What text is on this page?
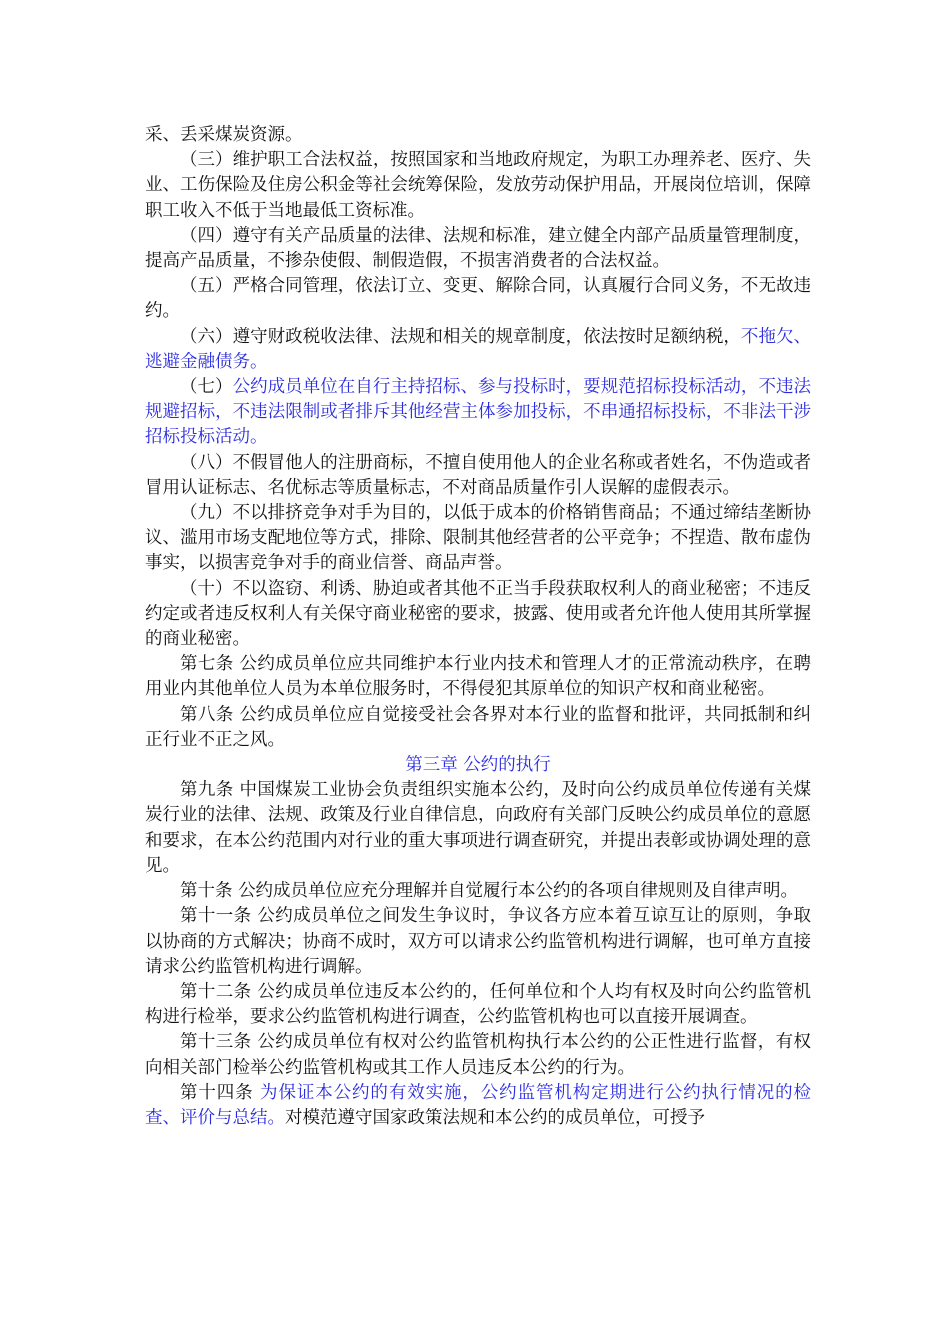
采、丢采煤炭资源。

（三）维护职工合法权益，按照国家和当地政府规定，为职工办理养老、医疗、失业、工伤保险及住房公积金等社会统筹保险，发放劳动保护用品，开展岗位培训，保障职工收入不低于当地最低工资标准。

（四）遵守有关产品质量的法律、法规和标准，建立健全内部产品质量管理制度，提高产品质量，不掺杂使假、制假造假，不损害消费者的合法权益。

（五）严格合同管理，依法订立、变更、解除合同，认真履行合同义务，不无故违约。

（六）遵守财政税收法律、法规和相关的规章制度，依法按时足额纳税，不拖欠、逃避金融债务。

（七）公约成员单位在自行主持招标、参与投标时，要规范招标投标活动，不违法规避招标，不违法限制或者排斥其他经营主体参加投标，不串通招标投标，不非法干涉招标投标活动。

（八）不假冒他人的注册商标，不擅自使用他人的企业名称或者姓名，不伪造或者冒用认证标志、名优标志等质量标志，不对商品质量作引人误解的虚假表示。

（九）不以排挤竞争对手为目的，以低于成本的价格销售商品；不通过缔结垄断协议、滥用市场支配地位等方式，排除、限制其他经营者的公平竞争；不捏造、散布虚伪事实，以损害竞争对手的商业信誉、商品声誉。

（十）不以盗窃、利诱、胁迫或者其他不正当手段获取权利人的商业秘密；不违反约定或者违反权利人有关保守商业秘密的要求，披露、使用或者允许他人使用其所掌握的商业秘密。

第七条 公约成员单位应共同维护本行业内技术和管理人才的正常流动秩序，在聘用业内其他单位人员为本单位服务时，不得侵犯其原单位的知识产权和商业秘密。

第八条 公约成员单位应自觉接受社会各界对本行业的监督和批评，共同抵制和纠正行业不正之风。

第三章 公约的执行

第九条 中国煤炭工业协会负责组织实施本公约，及时向公约成员单位传递有关煤炭行业的法律、法规、政策及行业自律信息，向政府有关部门反映公约成员单位的意愿和要求，在本公约范围内对行业的重大事项进行调查研究，并提出表彰或协调处理的意见。

第十条 公约成员单位应充分理解并自觉履行本公约的各项自律规则及自律声明。

第十一条 公约成员单位之间发生争议时，争议各方应本着互谅互让的原则，争取以协商的方式解决；协商不成时，双方可以请求公约监管机构进行调解，也可单方直接请求公约监管机构进行调解。

第十二条 公约成员单位违反本公约的，任何单位和个人均有权及时向公约监管机构进行检举，要求公约监管机构进行调查，公约监管机构也可以直接开展调查。

第十三条 公约成员单位有权对公约监管机构执行本公约的公正性进行监督，有权向相关部门检举公约监管机构或其工作人员违反本公约的行为。

第十四条 为保证本公约的有效实施，公约监管机构定期进行公约执行情况的检查、评价与总结。对模范遵守国家政策法规和本公约的成员单位，可授予
